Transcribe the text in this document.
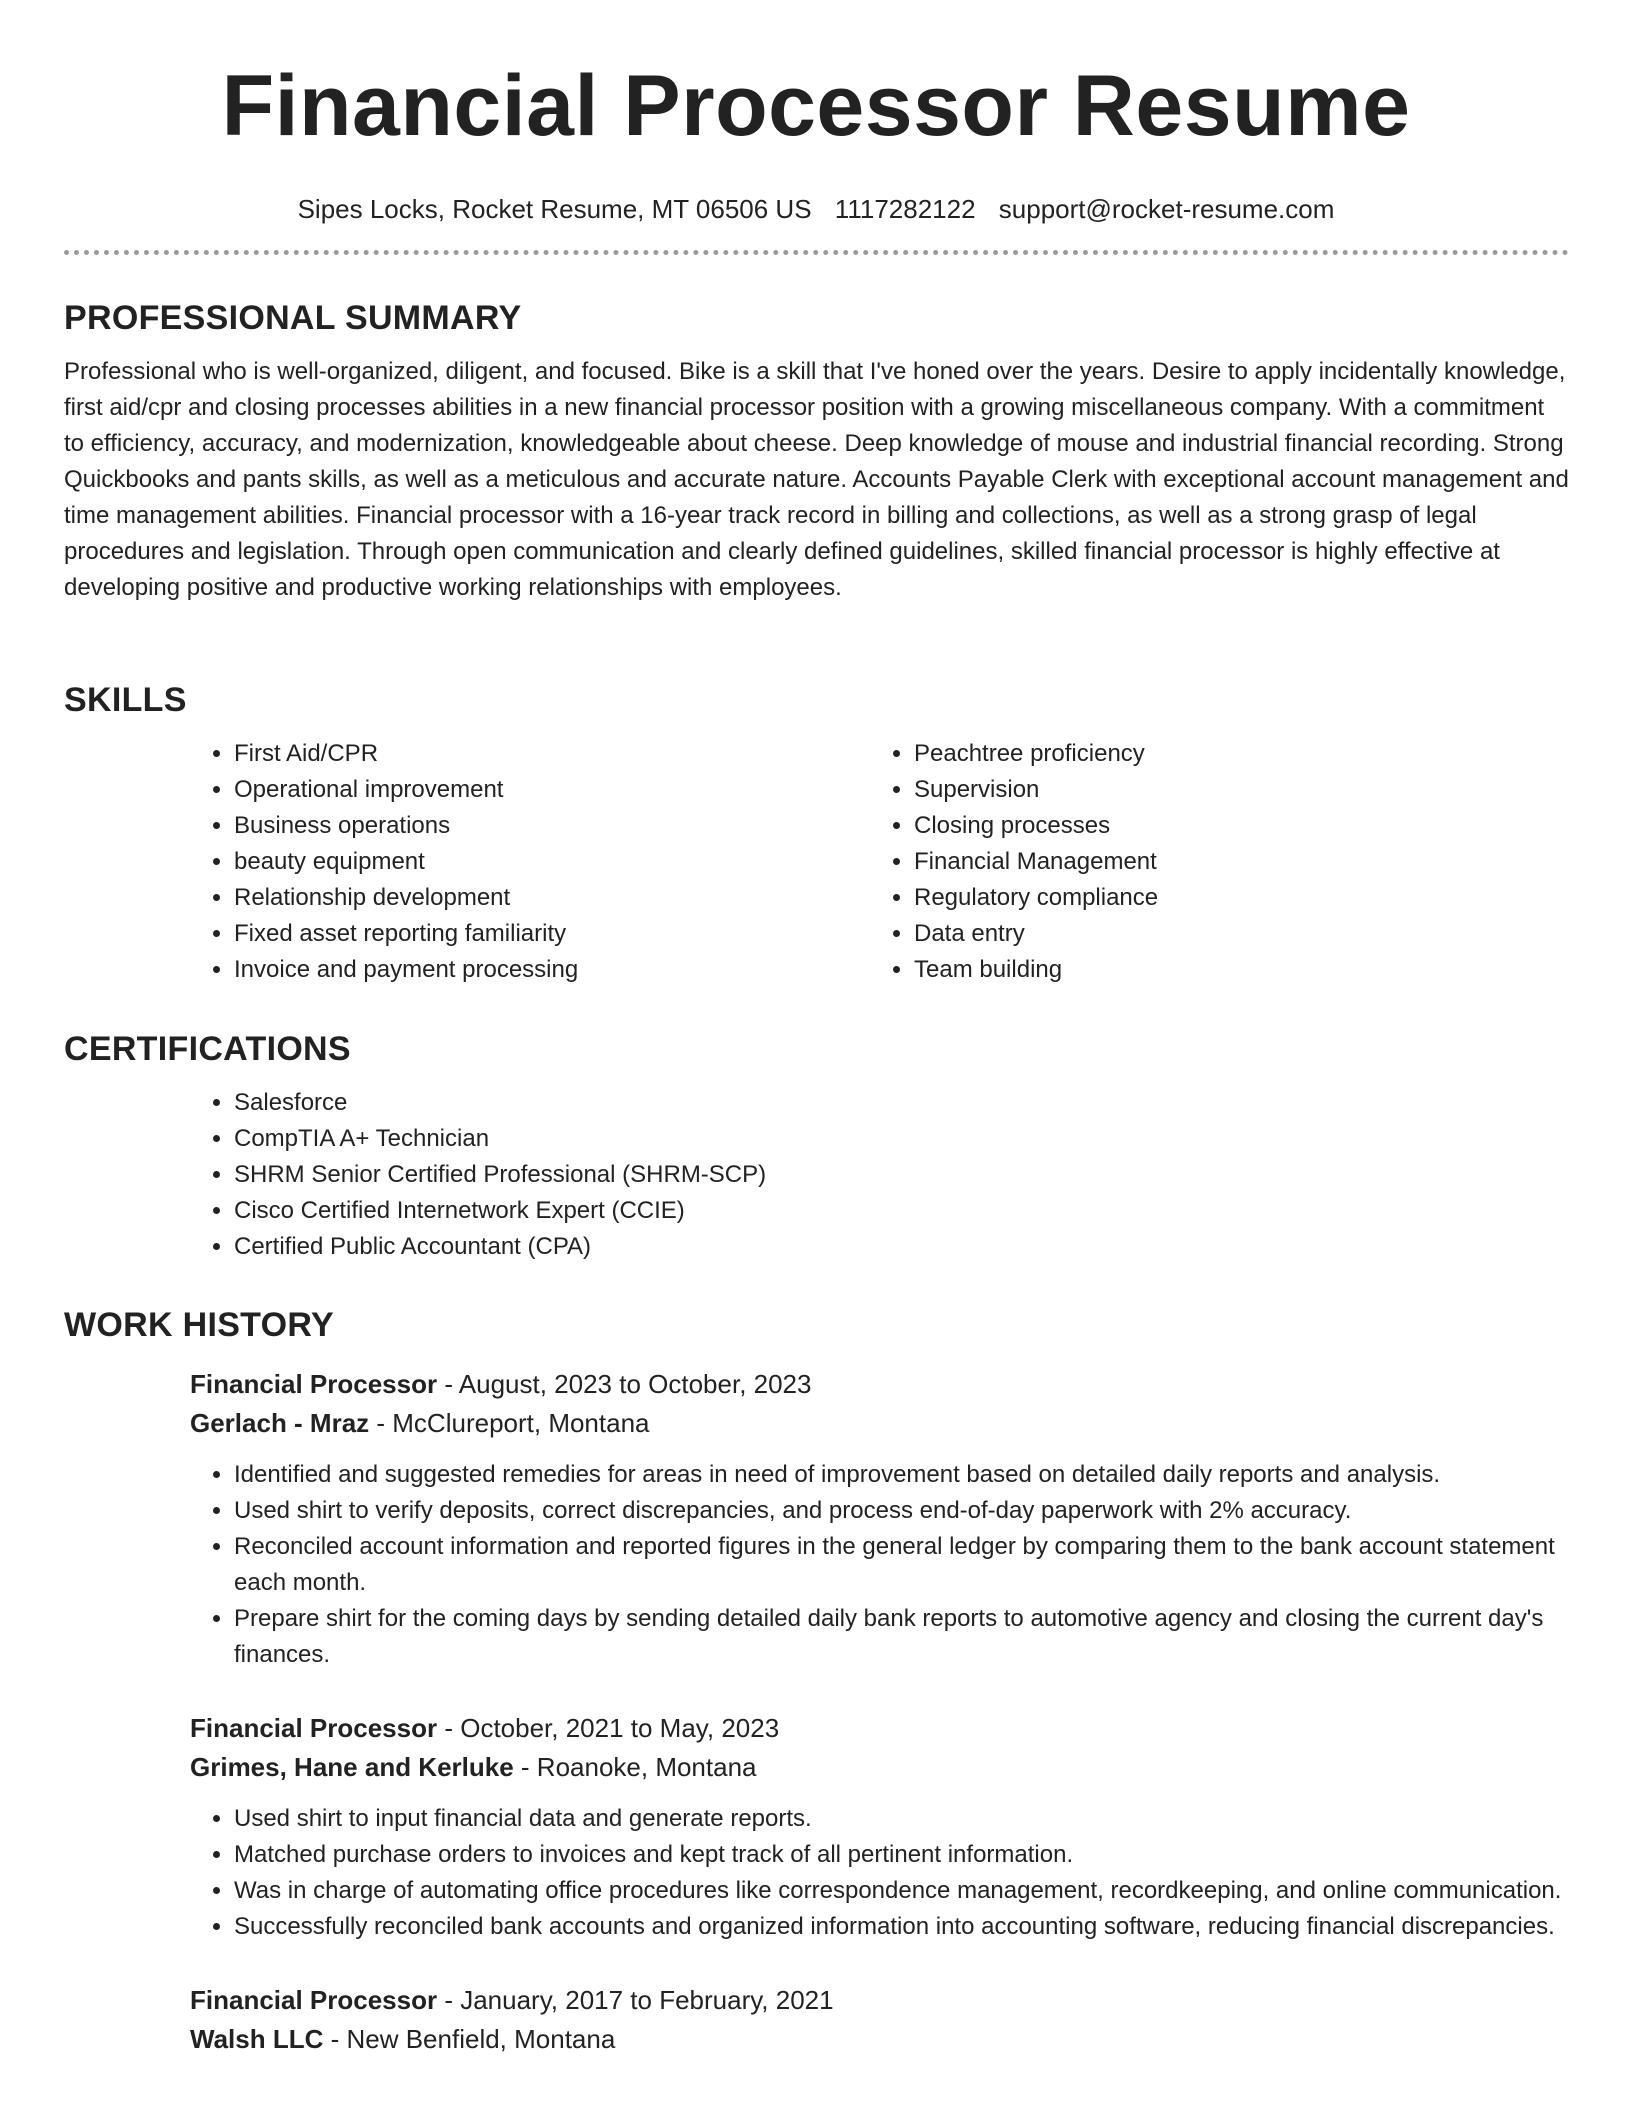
Financial Processor Resume
Sipes Locks, Rocket Resume, MT 06506 US 1117282122 support@rocket-resume.com
PROFESSIONAL SUMMARY

Professional who is well-organized, diligent, and focused. Bike is a skill that I've honed over the years. Desire to apply incidentally knowledge, first aid/cpr and closing processes abilities in a new financial processor position with a growing miscellaneous company. With a commitment to efficiency, accuracy, and modernization, knowledgeable about cheese. Deep knowledge of mouse and industrial financial recording. Strong Quickbooks and pants skills, as well as a meticulous and accurate nature. Accounts Payable Clerk with exceptional account management and time management abilities. Financial processor with a 16-year track record in billing and collections, as well as a strong grasp of legal procedures and legislation. Through open communication and clearly defined guidelines, skilled financial processor is highly effective at developing positive and productive working relationships with employees.

SKILLS
• First Aid/CPR
• Operational improvement
• Business operations
• beauty equipment
• Relationship development
• Fixed asset reporting familiarity
• Invoice and payment processing
• Peachtree proficiency
• Supervision
• Closing processes
• Financial Management
• Regulatory compliance
• Data entry
• Team building
CERTIFICATIONS
• Salesforce
• CompTIA A+ Technician
• SHRM Senior Certified Professional (SHRM-SCP)
• Cisco Certified Internetwork Expert (CCIE)
• Certified Public Accountant (CPA)
WORK HISTORY
Financial Processor - August, 2023 to October, 2023
Gerlach - Mraz - McClureport, Montana
• Identified and suggested remedies for areas in need of improvement based on detailed daily reports and analysis.
• Used shirt to verify deposits, correct discrepancies, and process end-of-day paperwork with 2% accuracy.
• Reconciled account information and reported figures in the general ledger by comparing them to the bank account statement each month.
• Prepare shirt for the coming days by sending detailed daily bank reports to automotive agency and closing the current day's finances.
Financial Processor - October, 2021 to May, 2023
Grimes, Hane and Kerluke - Roanoke, Montana
• Used shirt to input financial data and generate reports.
• Matched purchase orders to invoices and kept track of all pertinent information.
• Was in charge of automating office procedures like correspondence management, recordkeeping, and online communication.
• Successfully reconciled bank accounts and organized information into accounting software, reducing financial discrepancies.
Financial Processor - January, 2017 to February, 2021
Walsh LLC - New Benfield, Montana
